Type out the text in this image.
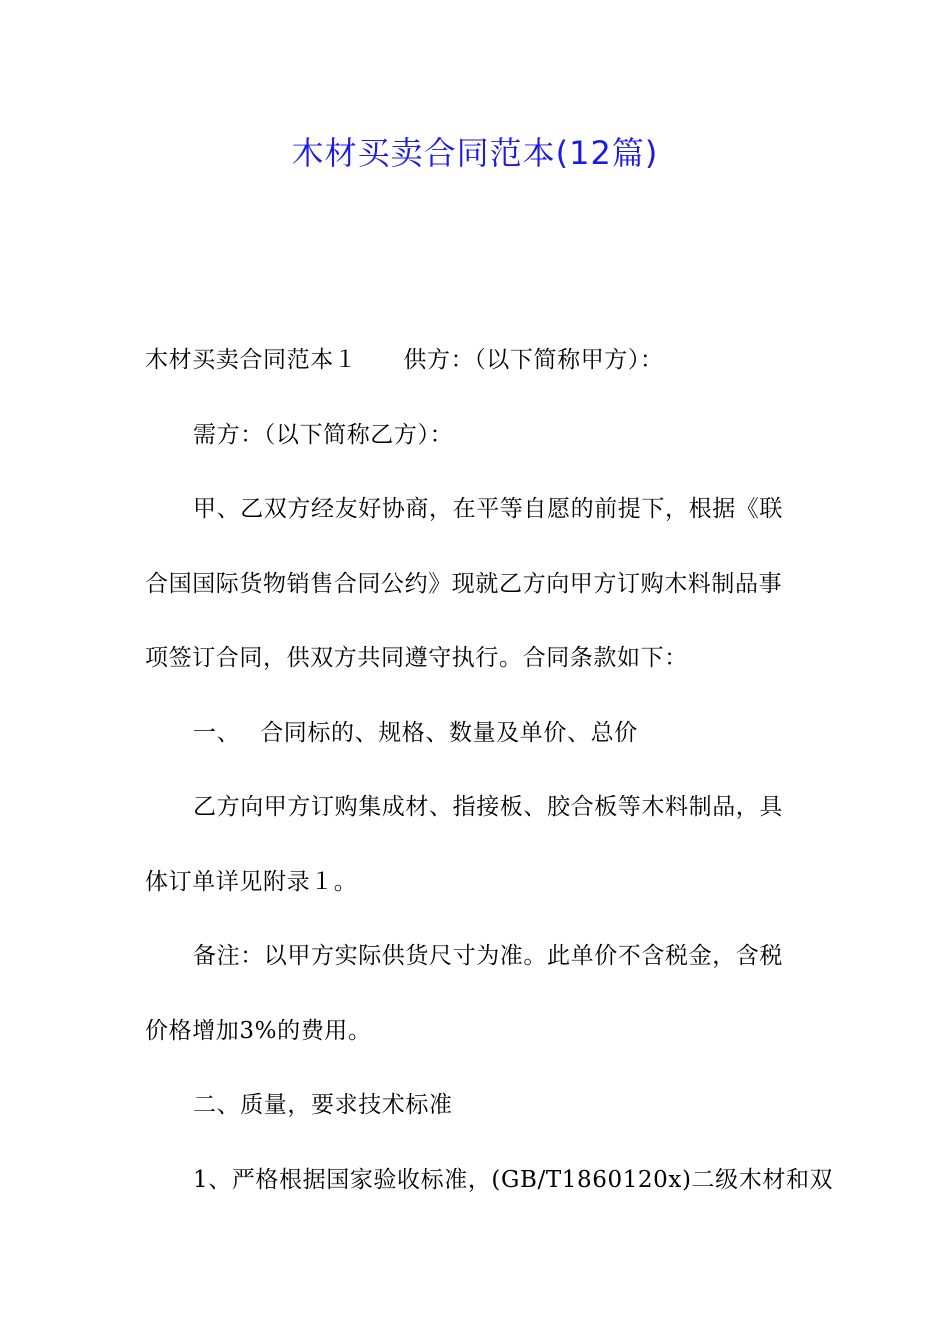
木材买卖合同范本(12篇)
木材买卖合同范本１ 供方：（以下简称甲方）：
需方：（以下简称乙方）：
甲、乙双方经友好协商，在平等自愿的前提下，根据《联
合国国际货物销售合同公约》现就乙方向甲方订购木料制品事
项签订合同，供双方共同遵守执行。合同条款如下：
一、 合同标的、规格、数量及单价、总价
乙方向甲方订购集成材、指接板、胶合板等木料制品，具
体订单详见附录１。
备注：以甲方实际供货尺寸为准。此单价不含税金，含税
价格增加3%的费用。
二、质量，要求技术标准
1、严格根据国家验收标准，(GB/T1860120x)二级木材和双
